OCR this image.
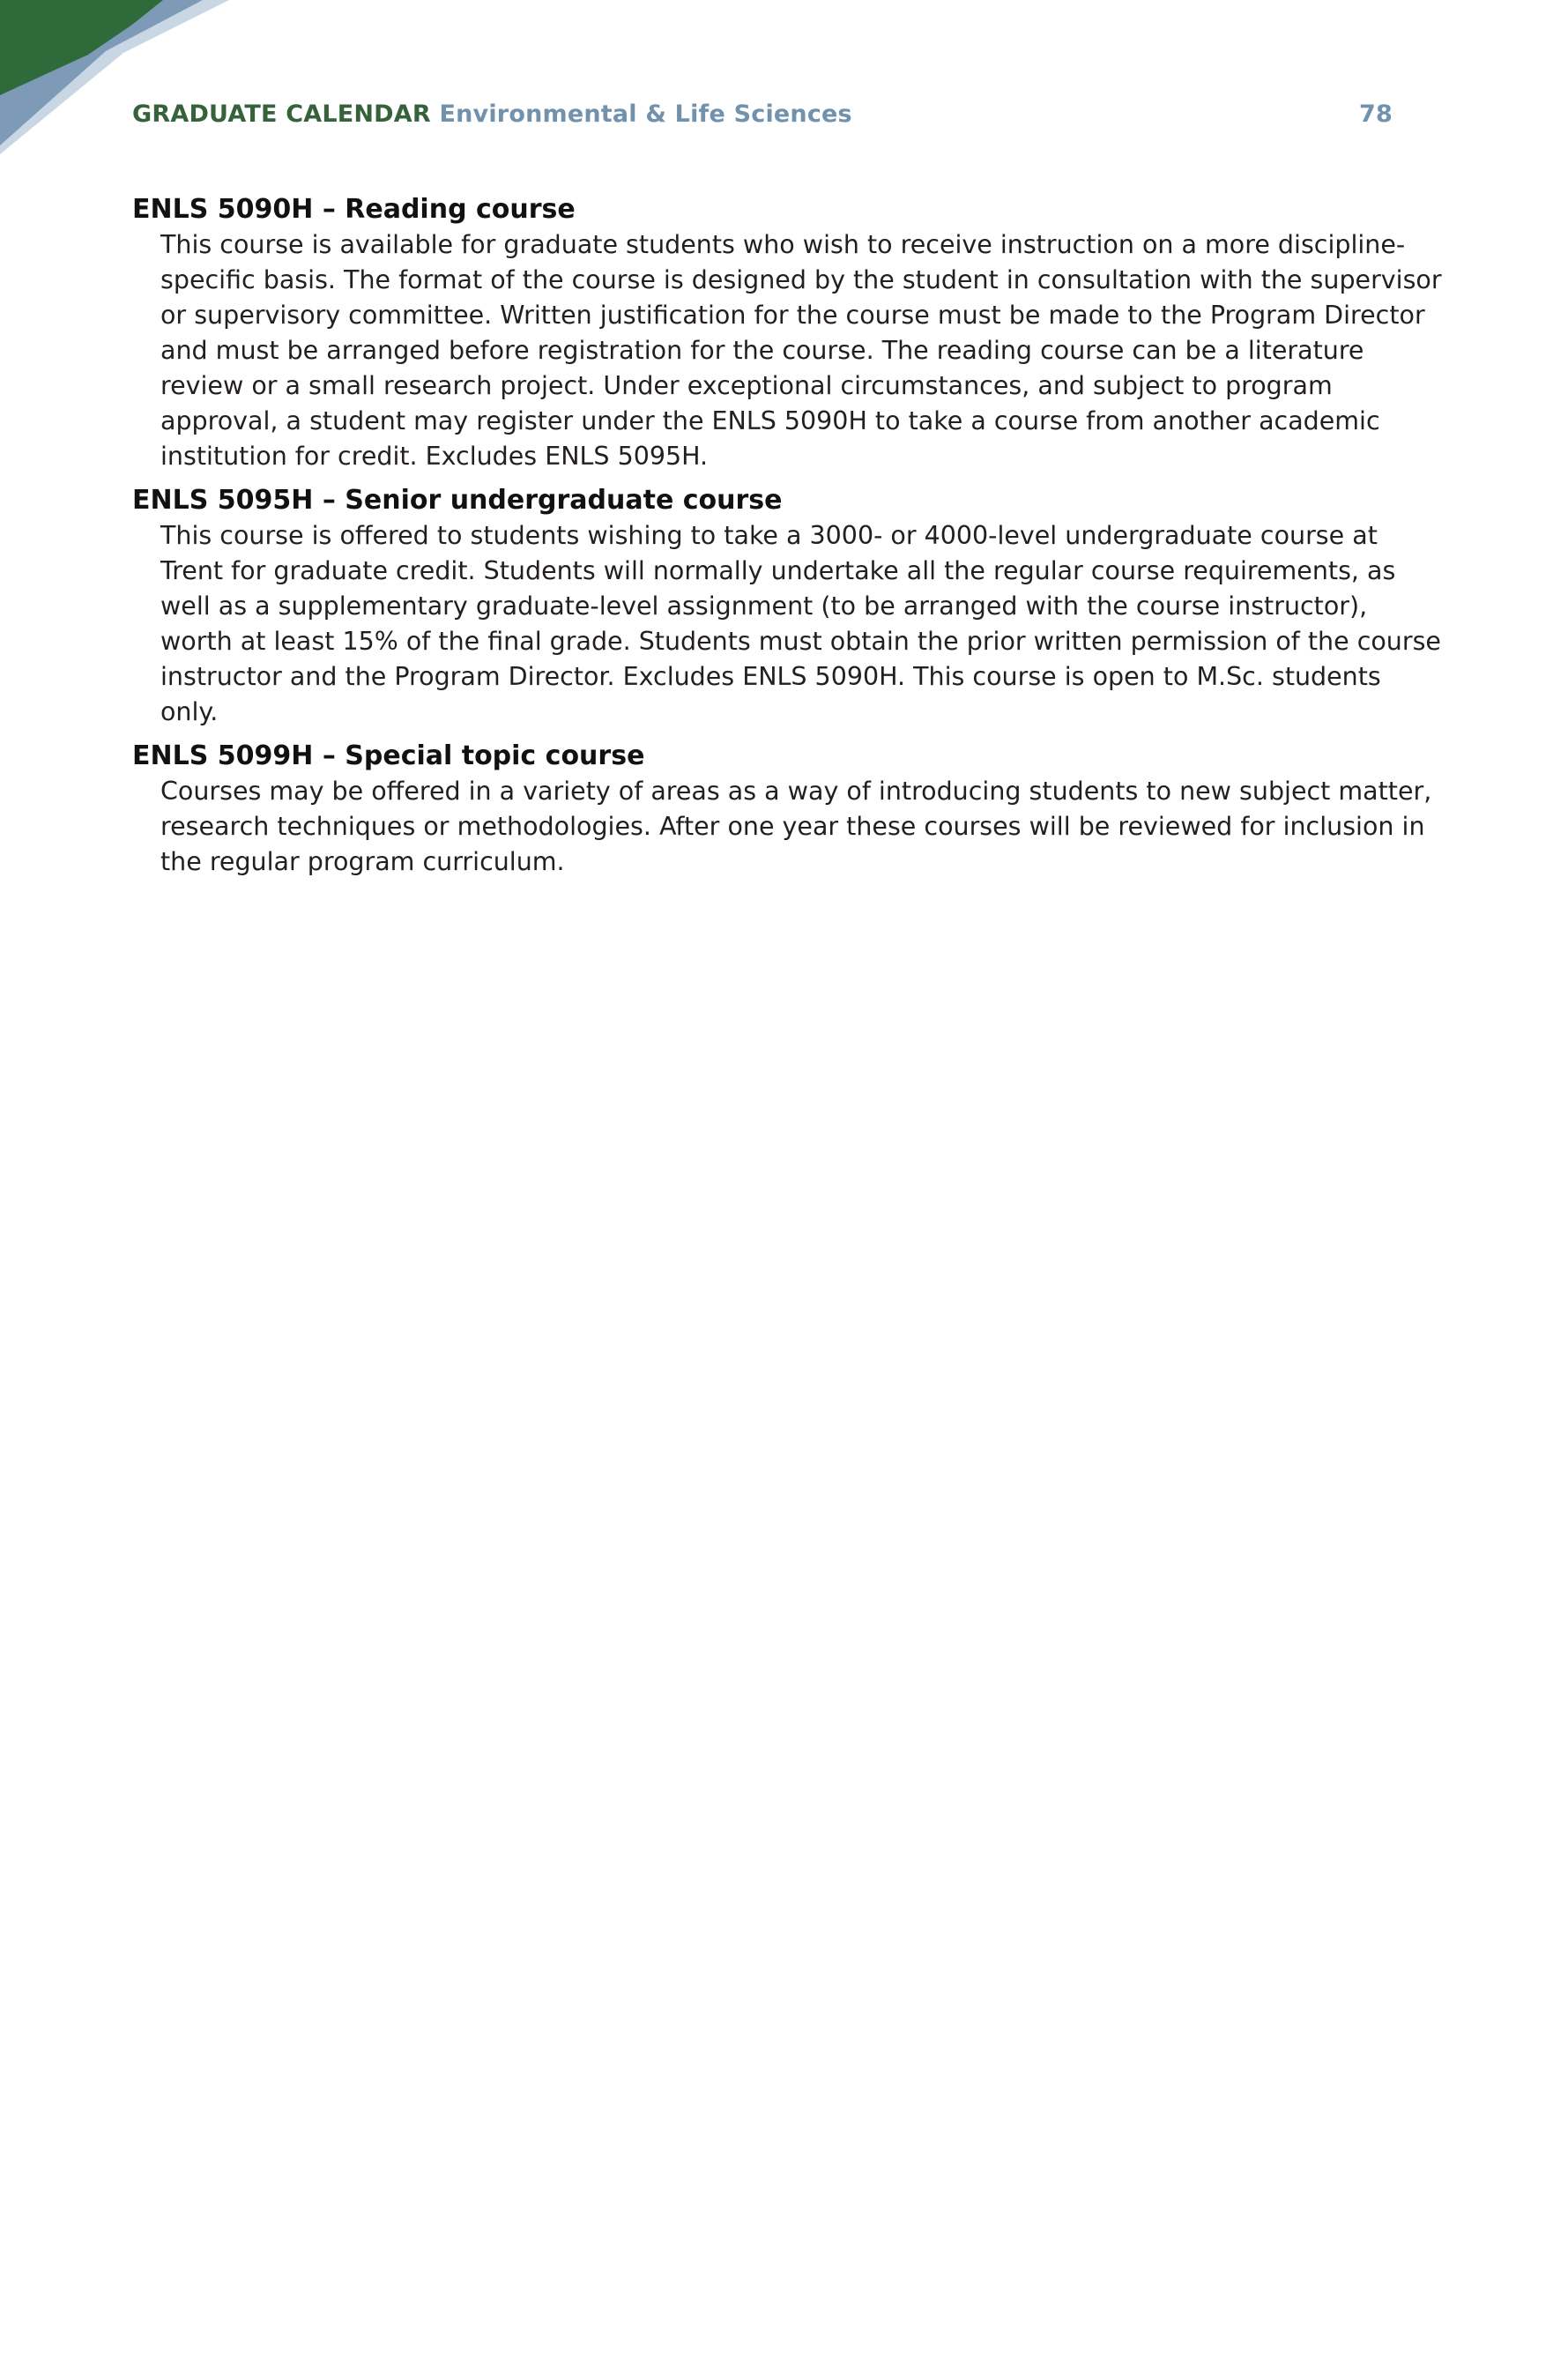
GRADUATE CALENDAR Environmental & Life Sciences	78
ENLS 5090H – Reading course
This course is available for graduate students who wish to receive instruction on a more discipline-specific basis. The format of the course is designed by the student in consultation with the supervisor or supervisory committee. Written justification for the course must be made to the Program Director and must be arranged before registration for the course. The reading course can be a literature review or a small research project. Under exceptional circumstances, and subject to program approval, a student may register under the ENLS 5090H to take a course from another academic institution for credit. Excludes ENLS 5095H.
ENLS 5095H – Senior undergraduate course
This course is offered to students wishing to take a 3000- or 4000-level undergraduate course at Trent for graduate credit. Students will normally undertake all the regular course requirements, as well as a supplementary graduate-level assignment (to be arranged with the course instructor), worth at least 15% of the final grade. Students must obtain the prior written permission of the course instructor and the Program Director. Excludes ENLS 5090H. This course is open to M.Sc. students only.
ENLS 5099H – Special topic course
Courses may be offered in a variety of areas as a way of introducing students to new subject matter, research techniques or methodologies. After one year these courses will be reviewed for inclusion in the regular program curriculum.
